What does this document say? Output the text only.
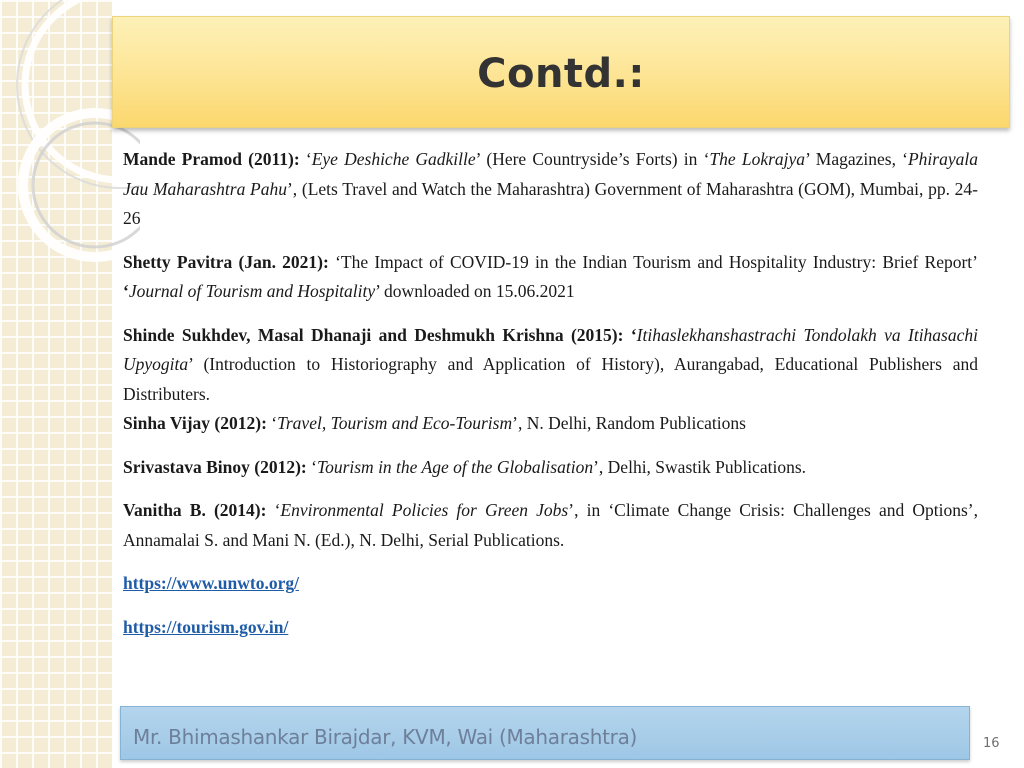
Contd.:

Mande Pramod (2011): ‘Eye Deshiche Gadkille’ (Here Countryside’s Forts) in ‘The Lokrajya’ Magazines, ‘Phirayala Jau Maharashtra Pahu’, (Lets Travel and Watch the Maharashtra) Government of Maharashtra (GOM), Mumbai, pp. 24-26

Shetty Pavitra (Jan. 2021): ‘The Impact of COVID-19 in the Indian Tourism and Hospitality Industry: Brief Report’ ‘Journal of Tourism and Hospitality’ downloaded on 15.06.2021

Shinde Sukhdev, Masal Dhanaji and Deshmukh Krishna (2015): ‘Itihaslekhanshastrachi Tondolakh va Itihasachi Upyogita’ (Introduction to Historiography and Application of History), Aurangabad, Educational Publishers and Distributers.

Sinha Vijay (2012): ‘Travel, Tourism and Eco-Tourism’, N. Delhi, Random Publications

Srivastava Binoy (2012): ‘Tourism in the Age of the Globalisation’, Delhi, Swastik Publications.

Vanitha B. (2014): ‘Environmental Policies for Green Jobs’, in ‘Climate Change Crisis: Challenges and Options’, Annamalai S. and Mani N. (Ed.), N. Delhi, Serial Publications.

https://www.unwto.org/
https://tourism.gov.in/
Mr. Bhimashankar Birajdar, KVM, Wai (Maharashtra)	16
